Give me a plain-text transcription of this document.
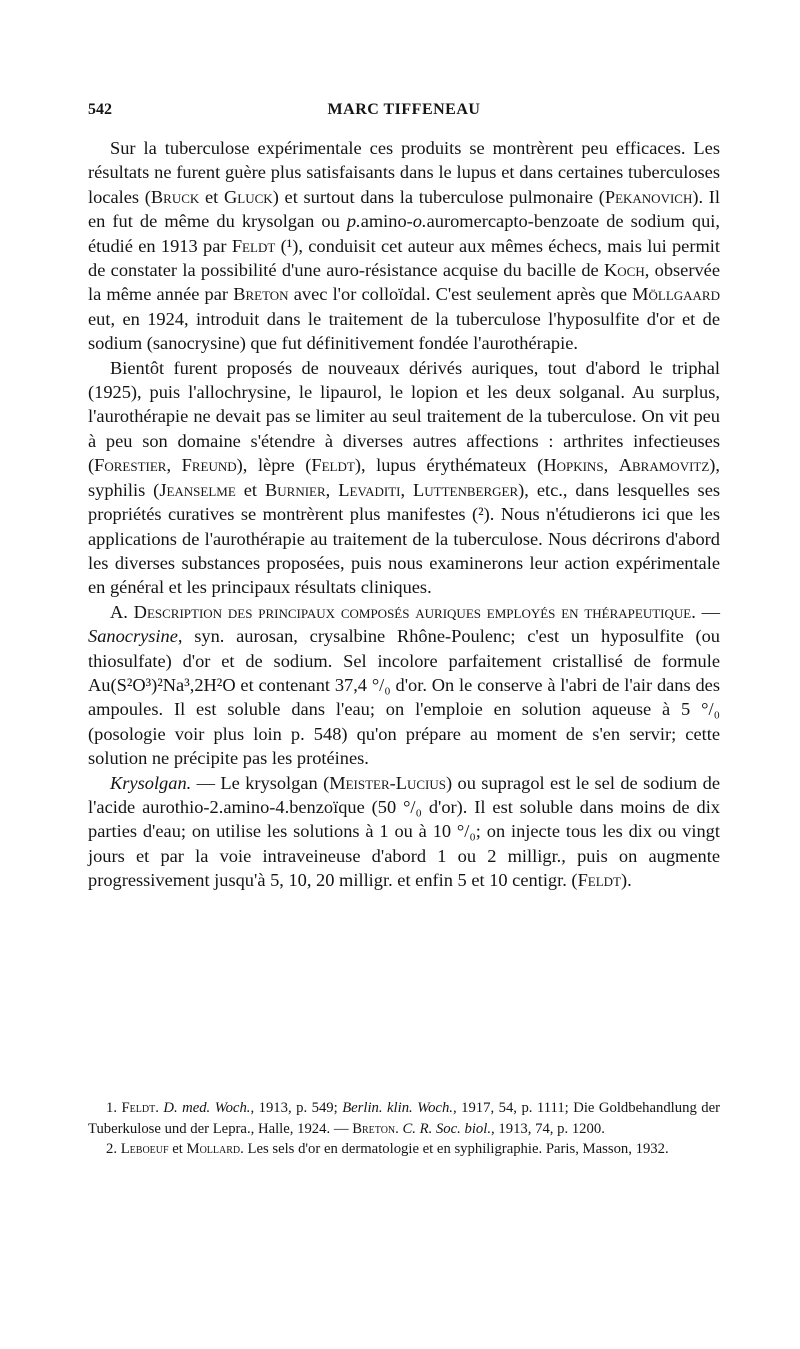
542	MARC TIFFENEAU

Sur la tuberculose expérimentale ces produits se montrèrent peu efficaces. Les résultats ne furent guère plus satisfaisants dans le lupus et dans certaines tuberculoses locales (Bruck et Gluck) et surtout dans la tuberculose pulmonaire (Pekanovich). Il en fut de même du krysolgan ou p.amino-o.auromercapto-benzoate de sodium qui, étudié en 1913 par Feldt (¹), conduisit cet auteur aux mêmes échecs, mais lui permit de constater la possibilité d'une auro-résistance acquise du bacille de Koch, observée la même année par Breton avec l'or colloïdal. C'est seulement après que Möllgaard eut, en 1924, introduit dans le traitement de la tuberculose l'hyposulfite d'or et de sodium (sanocrysine) que fut définitivement fondée l'aurothérapie.

Bientôt furent proposés de nouveaux dérivés auriques, tout d'abord le triphal (1925), puis l'allochrysine, le lipaurol, le lopion et les deux solganal. Au surplus, l'aurothérapie ne devait pas se limiter au seul traitement de la tuberculose. On vit peu à peu son domaine s'étendre à diverses autres affections : arthrites infectieuses (Forestier, Freund), lèpre (Feldt), lupus érythémateux (Hopkins, Abramovitz), syphilis (Jeanselme et Burnier, Levaditi, Luttenberger), etc., dans lesquelles ses propriétés curatives se montrèrent plus manifestes (²). Nous n'étudierons ici que les applications de l'aurothérapie au traitement de la tuberculose. Nous décrirons d'abord les diverses substances proposées, puis nous examinerons leur action expérimentale en général et les principaux résultats cliniques.

A. Description des principaux composés auriques employés en thérapeutique. — Sanocrysine, syn. aurosan, crysalbine Rhône-Poulenc; c'est un hyposulfite (ou thiosulfate) d'or et de sodium. Sel incolore parfaitement cristallisé de formule Au(S²O³)²Na³,2H²O et contenant 37,4 °/₀ d'or. On le conserve à l'abri de l'air dans des ampoules. Il est soluble dans l'eau; on l'emploie en solution aqueuse à 5 °/₀ (posologie voir plus loin p. 548) qu'on prépare au moment de s'en servir; cette solution ne précipite pas les protéines.

Krysolgan. — Le krysolgan (Meister-Lucius) ou supragol est le sel de sodium de l'acide aurothio-2.amino-4.benzoïque (50 °/₀ d'or). Il est soluble dans moins de dix parties d'eau; on utilise les solutions à 1 ou à 10 °/₀; on injecte tous les dix ou vingt jours et par la voie intraveineuse d'abord 1 ou 2 milligr., puis on augmente progressivement jusqu'à 5, 10, 20 milligr. et enfin 5 et 10 centigr. (Feldt).

1. Feldt. D. med. Woch., 1913, p. 549; Berlin. klin. Woch., 1917, 54, p. 1111; Die Goldbehandlung der Tuberkulose und der Lepra., Halle, 1924. — Breton. C. R. Soc. biol., 1913, 74, p. 1200.

2. Leboeuf et Mollard. Les sels d'or en dermatologie et en syphiligraphie. Paris, Masson, 1932.
